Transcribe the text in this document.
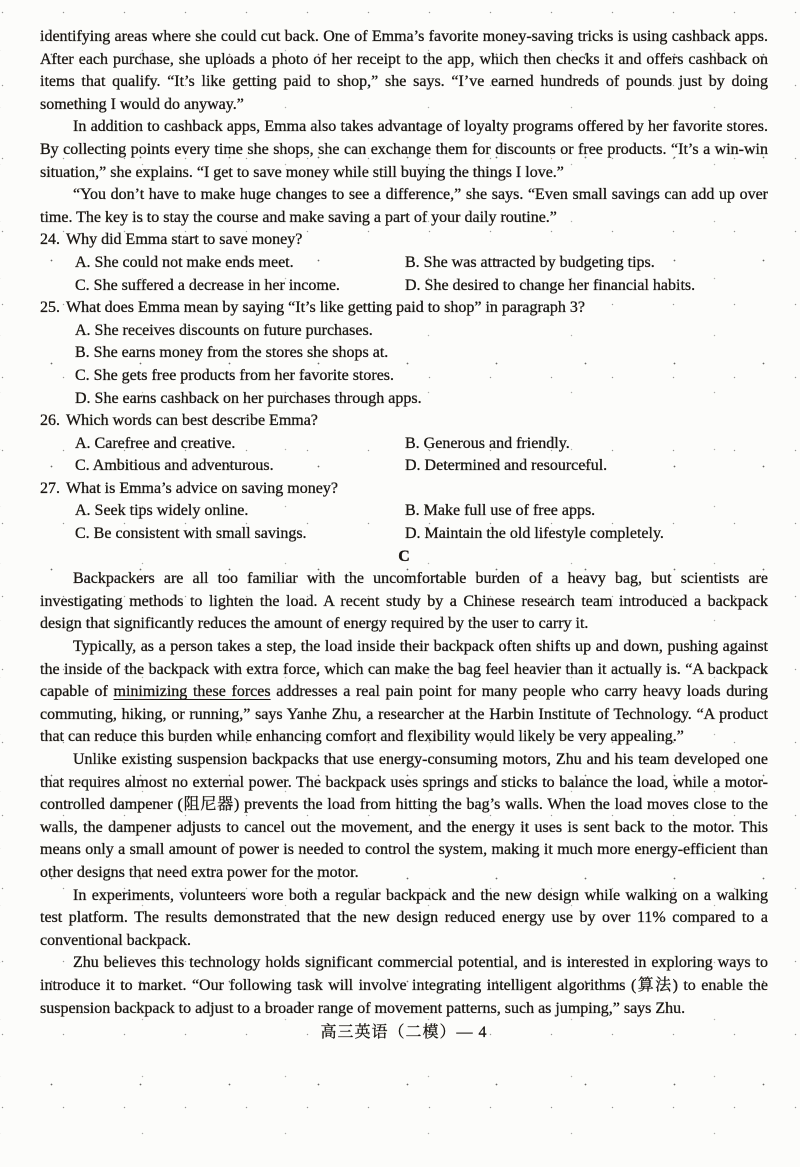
identifying areas where she could cut back. One of Emma’s favorite money-saving tricks is using cashback apps. After each purchase, she uploads a photo of her receipt to the app, which then checks it and offers cashback on items that qualify. “It’s like getting paid to shop,” she says. “I’ve earned hundreds of pounds just by doing something I would do anyway.”

In addition to cashback apps, Emma also takes advantage of loyalty programs offered by her favorite stores. By collecting points every time she shops, she can exchange them for discounts or free products. “It’s a win-win situation,” she explains. “I get to save money while still buying the things I love.”

“You don’t have to make huge changes to see a difference,” she says. “Even small savings can add up over time. The key is to stay the course and make saving a part of your daily routine.”

24. Why did Emma start to save money?
A. She could not make ends meet.	B. She was attracted by budgeting tips.
C. She suffered a decrease in her income.	D. She desired to change her financial habits.
25. What does Emma mean by saying “It’s like getting paid to shop” in paragraph 3?
A. She receives discounts on future purchases.
B. She earns money from the stores she shops at.
C. She gets free products from her favorite stores.
D. She earns cashback on her purchases through apps.
26. Which words can best describe Emma?
A. Carefree and creative.	B. Generous and friendly.
C. Ambitious and adventurous.	D. Determined and resourceful.
27. What is Emma’s advice on saving money?
A. Seek tips widely online.	B. Make full use of free apps.
C. Be consistent with small savings.	D. Maintain the old lifestyle completely.
C

Backpackers are all too familiar with the uncomfortable burden of a heavy bag, but scientists are investigating methods to lighten the load. A recent study by a Chinese research team introduced a backpack design that significantly reduces the amount of energy required by the user to carry it.

Typically, as a person takes a step, the load inside their backpack often shifts up and down, pushing against the inside of the backpack with extra force, which can make the bag feel heavier than it actually is. “A backpack capable of minimizing these forces addresses a real pain point for many people who carry heavy loads during commuting, hiking, or running,” says Yanhe Zhu, a researcher at the Harbin Institute of Technology. “A product that can reduce this burden while enhancing comfort and flexibility would likely be very appealing.”

Unlike existing suspension backpacks that use energy-consuming motors, Zhu and his team developed one that requires almost no external power. The backpack uses springs and sticks to balance the load, while a motor-controlled dampener (阻尼器) prevents the load from hitting the bag’s walls. When the load moves close to the walls, the dampener adjusts to cancel out the movement, and the energy it uses is sent back to the motor. This means only a small amount of power is needed to control the system, making it much more energy-efficient than other designs that need extra power for the motor.

In experiments, volunteers wore both a regular backpack and the new design while walking on a walking test platform. The results demonstrated that the new design reduced energy use by over 11% compared to a conventional backpack.

Zhu believes this technology holds significant commercial potential, and is interested in exploring ways to introduce it to market. “Our following task will involve integrating intelligent algorithms (算法) to enable the suspension backpack to adjust to a broader range of movement patterns, such as jumping,” says Zhu.

高三英语（二模）— 4
